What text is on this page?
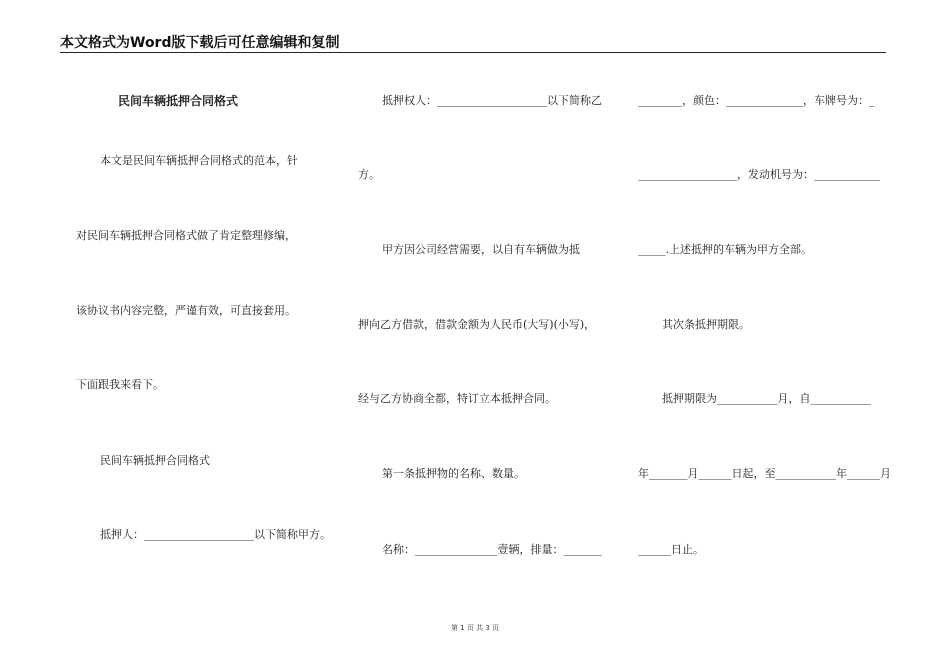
本文格式为Word版下载后可任意编辑和复制
民间车辆抵押合同格式
本文是民间车辆抵押合同格式的范本，针
对民间车辆抵押合同格式做了肯定整理修编，
该协议书内容完整，严谨有效，可直接套用。
下面跟我来看下。
民间车辆抵押合同格式
抵押人：____________________以下简称甲方。
抵押权人：____________________以下简称乙
方。
甲方因公司经营需要，以自有车辆做为抵
押向乙方借款，借款金额为人民币(大写)(小写)，
经与乙方协商全都，特订立本抵押合同。
第一条抵押物的名称、数量。
名称：_______________壹辆，排量：_______
________，颜色：______________，车牌号为：_
__________________，发动机号为：____________
_____.上述抵押的车辆为甲方全部。
其次条抵押期限。
抵押期限为___________月，自___________
年_______月______日起，至___________年______月
______日止。
第 1 页 共 3 页
